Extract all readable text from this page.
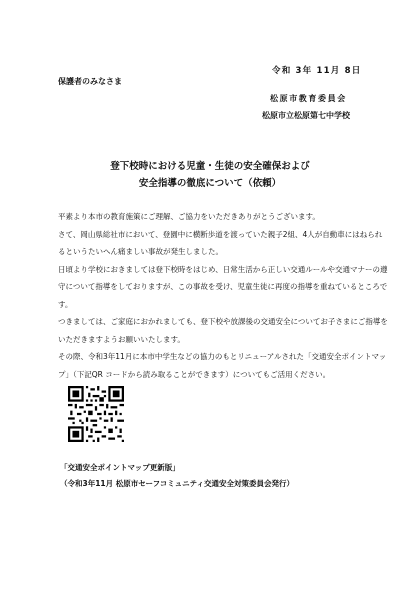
令和 3年 11月 8日
保護者のみなさま
松原市教育委員会
松原市立松原第七中学校
登下校時における児童・生徒の安全確保および
安全指導の徹底について（依頼）

平素より本市の教育施策にご理解、ご協力をいただきありがとうございます。

さて、岡山県総社市において、登園中に横断歩道を渡っていた親子2組、4人が自動車にはねられるというたいへん痛ましい事故が発生しました。

日頃より学校におきましては登下校時をはじめ、日常生活から正しい交通ルールや交通マナーの遵守について指導をしておりますが、この事故を受け、児童生徒に再度の指導を重ねているところです。

つきましては、ご家庭におかれましても、登下校や放課後の交通安全についてお子さまにご指導をいただきますようお願いいたします。

その際、令和3年11月に本市中学生などの協力のもとリニューアルされた「交通安全ポイントマップ」（下記QR コードから読み取ることができます）についてもご活用ください。

「交通安全ポイントマップ更新版」
（令和3年11月 松原市セーフコミュニティ交通安全対策委員会発行）
